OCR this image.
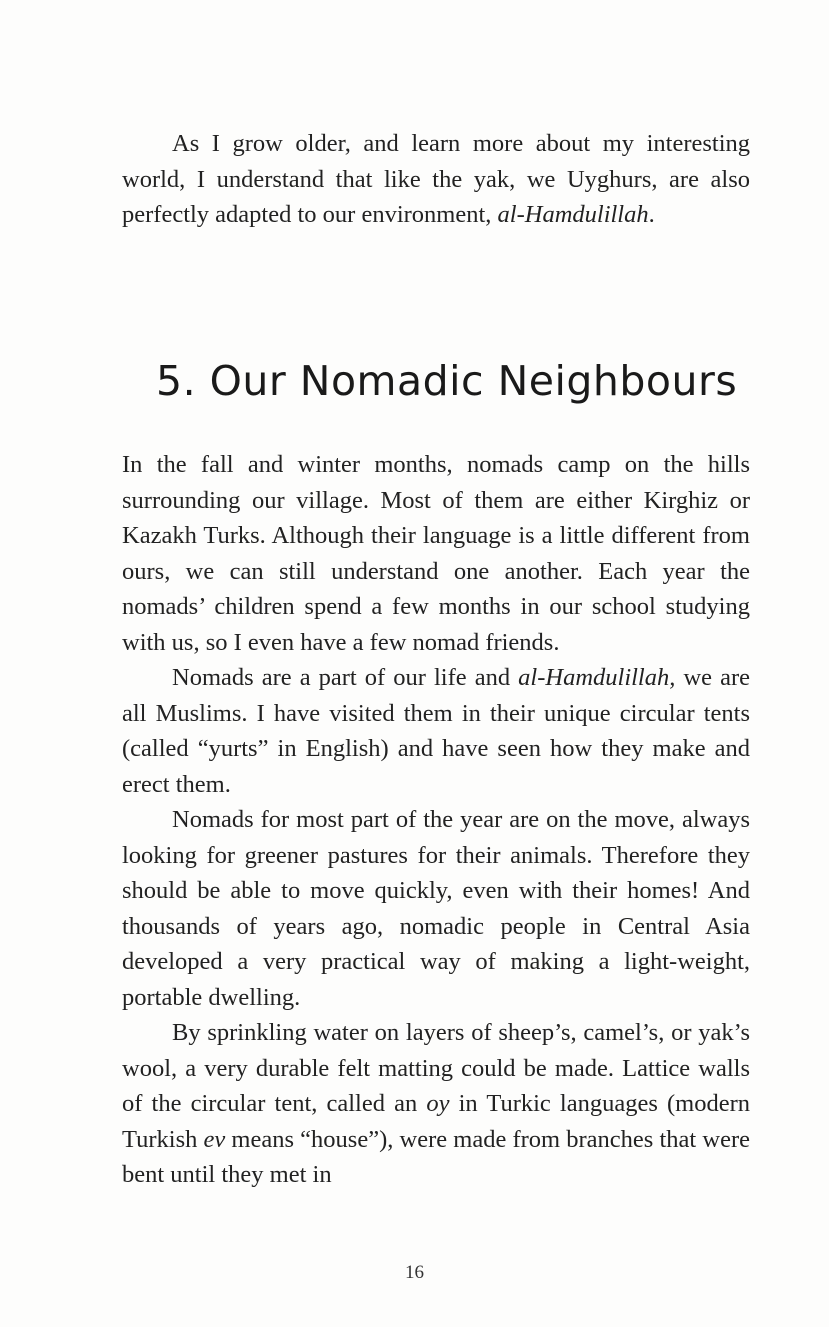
As I grow older, and learn more about my interesting world, I understand that like the yak, we Uyghurs, are also perfectly adapted to our environment, al-Hamdulillah.

5. Our Nomadic Neighbours

In the fall and winter months, nomads camp on the hills surrounding our village. Most of them are either Kirghiz or Kazakh Turks. Although their language is a little different from ours, we can still understand one another. Each year the nomads’ children spend a few months in our school studying with us, so I even have a few nomad friends.

Nomads are a part of our life and al-Hamdulillah, we are all Muslims. I have visited them in their unique circular tents (called “yurts” in English) and have seen how they make and erect them.

Nomads for most part of the year are on the move, always looking for greener pastures for their animals. Therefore they should be able to move quickly, even with their homes! And thousands of years ago, nomadic people in Central Asia developed a very practical way of making a light-weight, portable dwelling.

By sprinkling water on layers of sheep’s, camel’s, or yak’s wool, a very durable felt matting could be made. Lattice walls of the circular tent, called an oy in Turkic languages (modern Turkish ev means “house”), were made from branches that were bent until they met in

16
